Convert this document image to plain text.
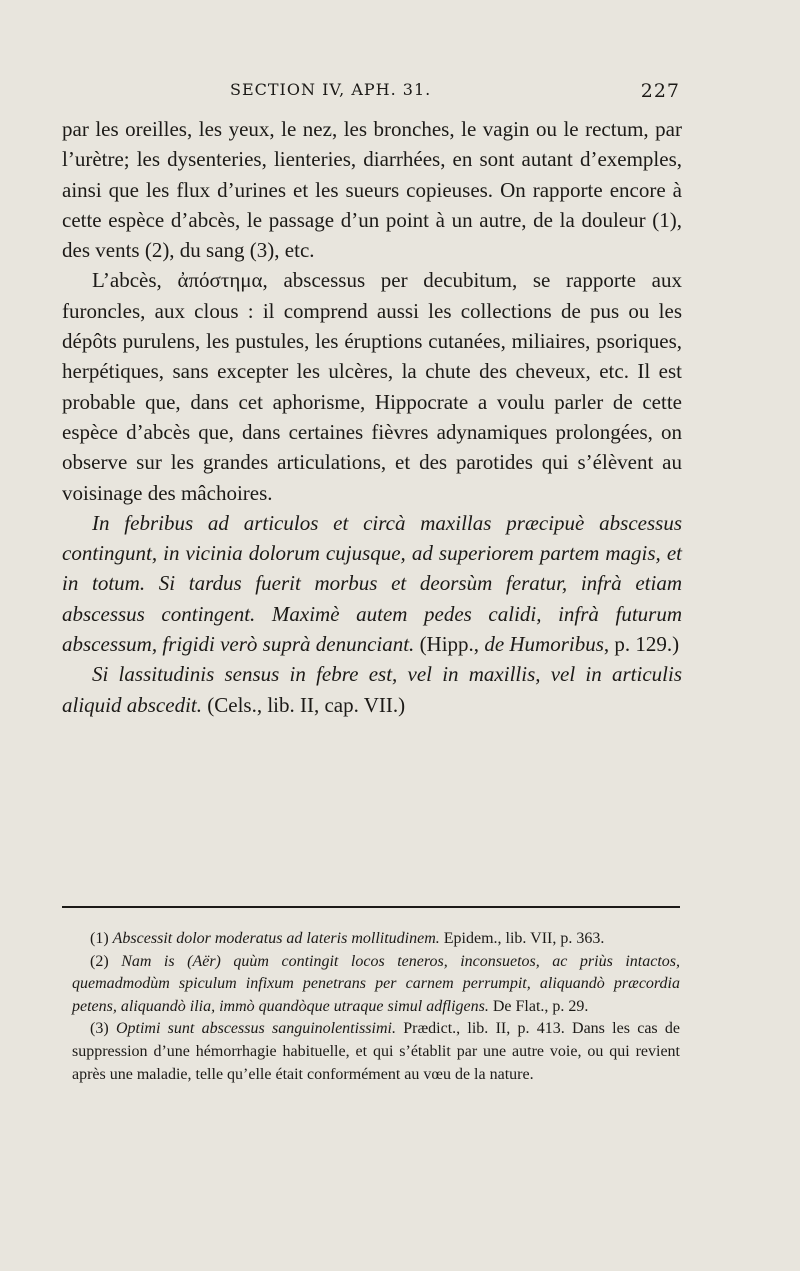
SECTION IV, APH. 31.	227

par les oreilles, les yeux, le nez, les bronches, le vagin ou le rectum, par l’urètre; les dysenteries, lienteries, diarrhées, en sont autant d’exemples, ainsi que les flux d’urines et les sueurs copieuses. On rapporte encore à cette espèce d’abcès, le passage d’un point à un autre, de la douleur (1), des vents (2), du sang (3), etc.

L’abcès, ἀπόστημα, abscessus per decubitum, se rapporte aux furoncles, aux clous : il comprend aussi les collections de pus ou les dépôts purulens, les pustules, les éruptions cutanées, miliaires, psoriques, herpétiques, sans excepter les ulcères, la chute des cheveux, etc. Il est probable que, dans cet aphorisme, Hippocrate a voulu parler de cette espèce d’abcès que, dans certaines fièvres adynamiques prolongées, on observe sur les grandes articulations, et des parotides qui s’élèvent au voisinage des mâchoires.

In febribus ad articulos et circà maxillas præcipuè abscessus contingunt, in vicinia dolorum cujusque, ad superiorem partem magis, et in totum. Si tardus fuerit morbus et deorsùm feratur, infrà etiam abscessus contingent. Maximè autem pedes calidi, infrà futurum abscessum, frigidi verò suprà denunciant. (Hipp., de Humoribus, p. 129.)

Si lassitudinis sensus in febre est, vel in maxillis, vel in articulis aliquid abscedit. (Cels., lib. II, cap. VII.)

(1) Abscessit dolor moderatus ad lateris mollitudinem. Epidem., lib. VII, p. 363.

(2) Nam is (Aër) quùm contingit locos teneros, inconsuetos, ac priùs intactos, quemadmodùm spiculum infixum penetrans per carnem perrumpit, aliquandò præcordia petens, aliquandò ilia, immò quandòque utraque simul adfligens. De Flat., p. 29.

(3) Optimi sunt abscessus sanguinolentissimi. Prædict., lib. II, p. 413. Dans les cas de suppression d’une hémorrhagie habituelle, et qui s’établit par une autre voie, ou qui revient après une maladie, telle qu’elle était conformément au vœu de la nature.
